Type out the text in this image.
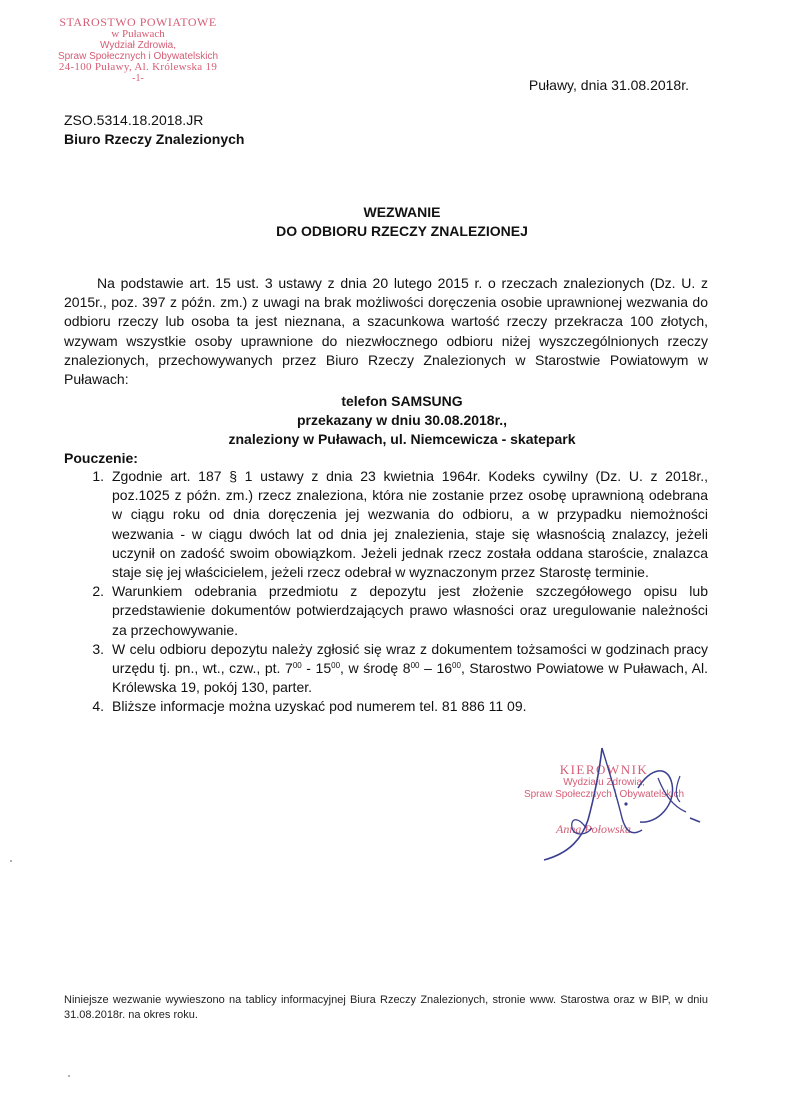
STAROSTWO POWIATOWE
w Puławach
Wydział Zdrowia,
Spraw Społecznych i Obywatelskich
24-100 Puławy, Al. Królewska 19
-1-	Puławy, dnia 31.08.2018r.
ZSO.5314.18.2018.JR
Biuro Rzeczy Znalezionych
WEZWANIE
DO ODBIORU RZECZY ZNALEZIONEJ

Na podstawie art. 15 ust. 3 ustawy z dnia 20 lutego 2015 r. o rzeczach znalezionych (Dz. U. z 2015r., poz. 397 z późn. zm.) z uwagi na brak możliwości doręczenia osobie uprawnionej wezwania do odbioru rzeczy lub osoba ta jest nieznana, a szacunkowa wartość rzeczy przekracza 100 złotych, wzywam wszystkie osoby uprawnione do niezwłocznego odbioru niżej wyszczególnionych rzeczy znalezionych, przechowywanych przez Biuro Rzeczy Znalezionych w Starostwie Powiatowym w Puławach:

telefon SAMSUNG
przekazany w dniu 30.08.2018r.,
znaleziony w Puławach, ul. Niemcewicza - skatepark
Pouczenie:
1. Zgodnie art. 187 § 1 ustawy z dnia 23 kwietnia 1964r. Kodeks cywilny (Dz. U. z 2018r., poz.1025 z późn. zm.) rzecz znaleziona, która nie zostanie przez osobę uprawnioną odebrana w ciągu roku od dnia doręczenia jej wezwania do odbioru, a w przypadku niemożności wezwania - w ciągu dwóch lat od dnia jej znalezienia, staje się własnością znalazcy, jeżeli uczynił on zadość swoim obowiązkom. Jeżeli jednak rzecz została oddana staroście, znalazca staje się jej właścicielem, jeżeli rzecz odebrał w wyznaczonym przez Starostę terminie.
2. Warunkiem odebrania przedmiotu z depozytu jest złożenie szczegółowego opisu lub przedstawienie dokumentów potwierdzających prawo własności oraz uregulowanie należności za przechowywanie.
3. W celu odbioru depozytu należy zgłosić się wraz z dokumentem tożsamości w godzinach pracy urzędu tj. pn., wt., czw., pt. $7^{00} - 15^{00}$, w środę $8^{00} - 16^{00}$, Starostwo Powiatowe w Puławach, Al. Królewska 19, pokój 130, parter.
4. Bliższe informacje można uzyskać pod numerem tel. 81 886 11 09.
KIEROWNIK
Wydziału Zdrowia,
Spraw Społecznych i Obywatelskich
Anna Połowska
Niniejsze wezwanie wywieszono na tablicy informacyjnej Biura Rzeczy Znalezionych, stronie www. Starostwa oraz w BIP, w dniu 31.08.2018r. na okres roku.
